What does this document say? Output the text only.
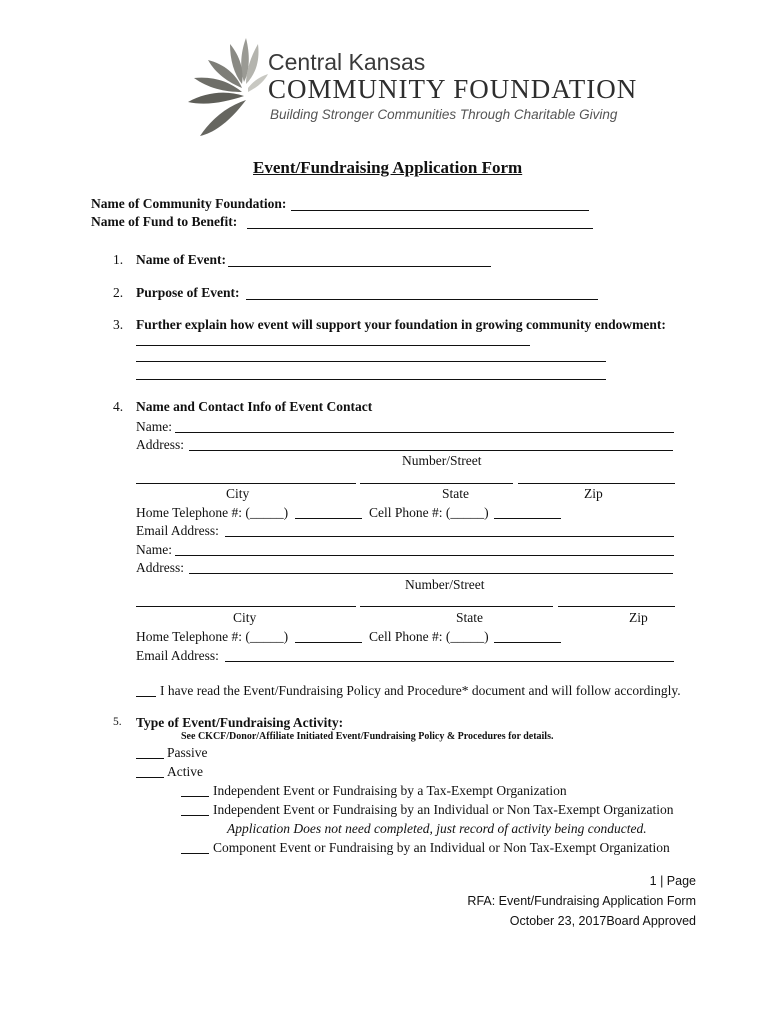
Central Kansas
COMMUNITY FOUNDATION
Building Stronger Communities Through Charitable Giving
Event/Fundraising Application Form
Name of Community Foundation:
Name of Fund to Benefit:
1. Name of Event:
2. Purpose of Event:
3. Further explain how event will support your foundation in growing community endowment:
4. Name and Contact Info of Event Contact
Name:
Address:
Number/Street
City	State	Zip
Home Telephone #: (_____)	Cell Phone #: (_____)
Email Address:
Name:
Address:
Number/Street
City	State	Zip
Home Telephone #: (_____)	Cell Phone #: (_____)
Email Address:
I have read the Event/Fundraising Policy and Procedure* document and will follow accordingly.
5. Type of Event/Fundraising Activity:
See CKCF/Donor/Affiliate Initiated Event/Fundraising Policy & Procedures for details.
Passive
Active
Independent Event or Fundraising by a Tax-Exempt Organization
Independent Event or Fundraising by an Individual or Non Tax-Exempt Organization
Application Does not need completed, just record of activity being conducted.
Component Event or Fundraising by an Individual or Non Tax-Exempt Organization
1 | Page
RFA: Event/Fundraising Application Form
October 23, 2017Board Approved
